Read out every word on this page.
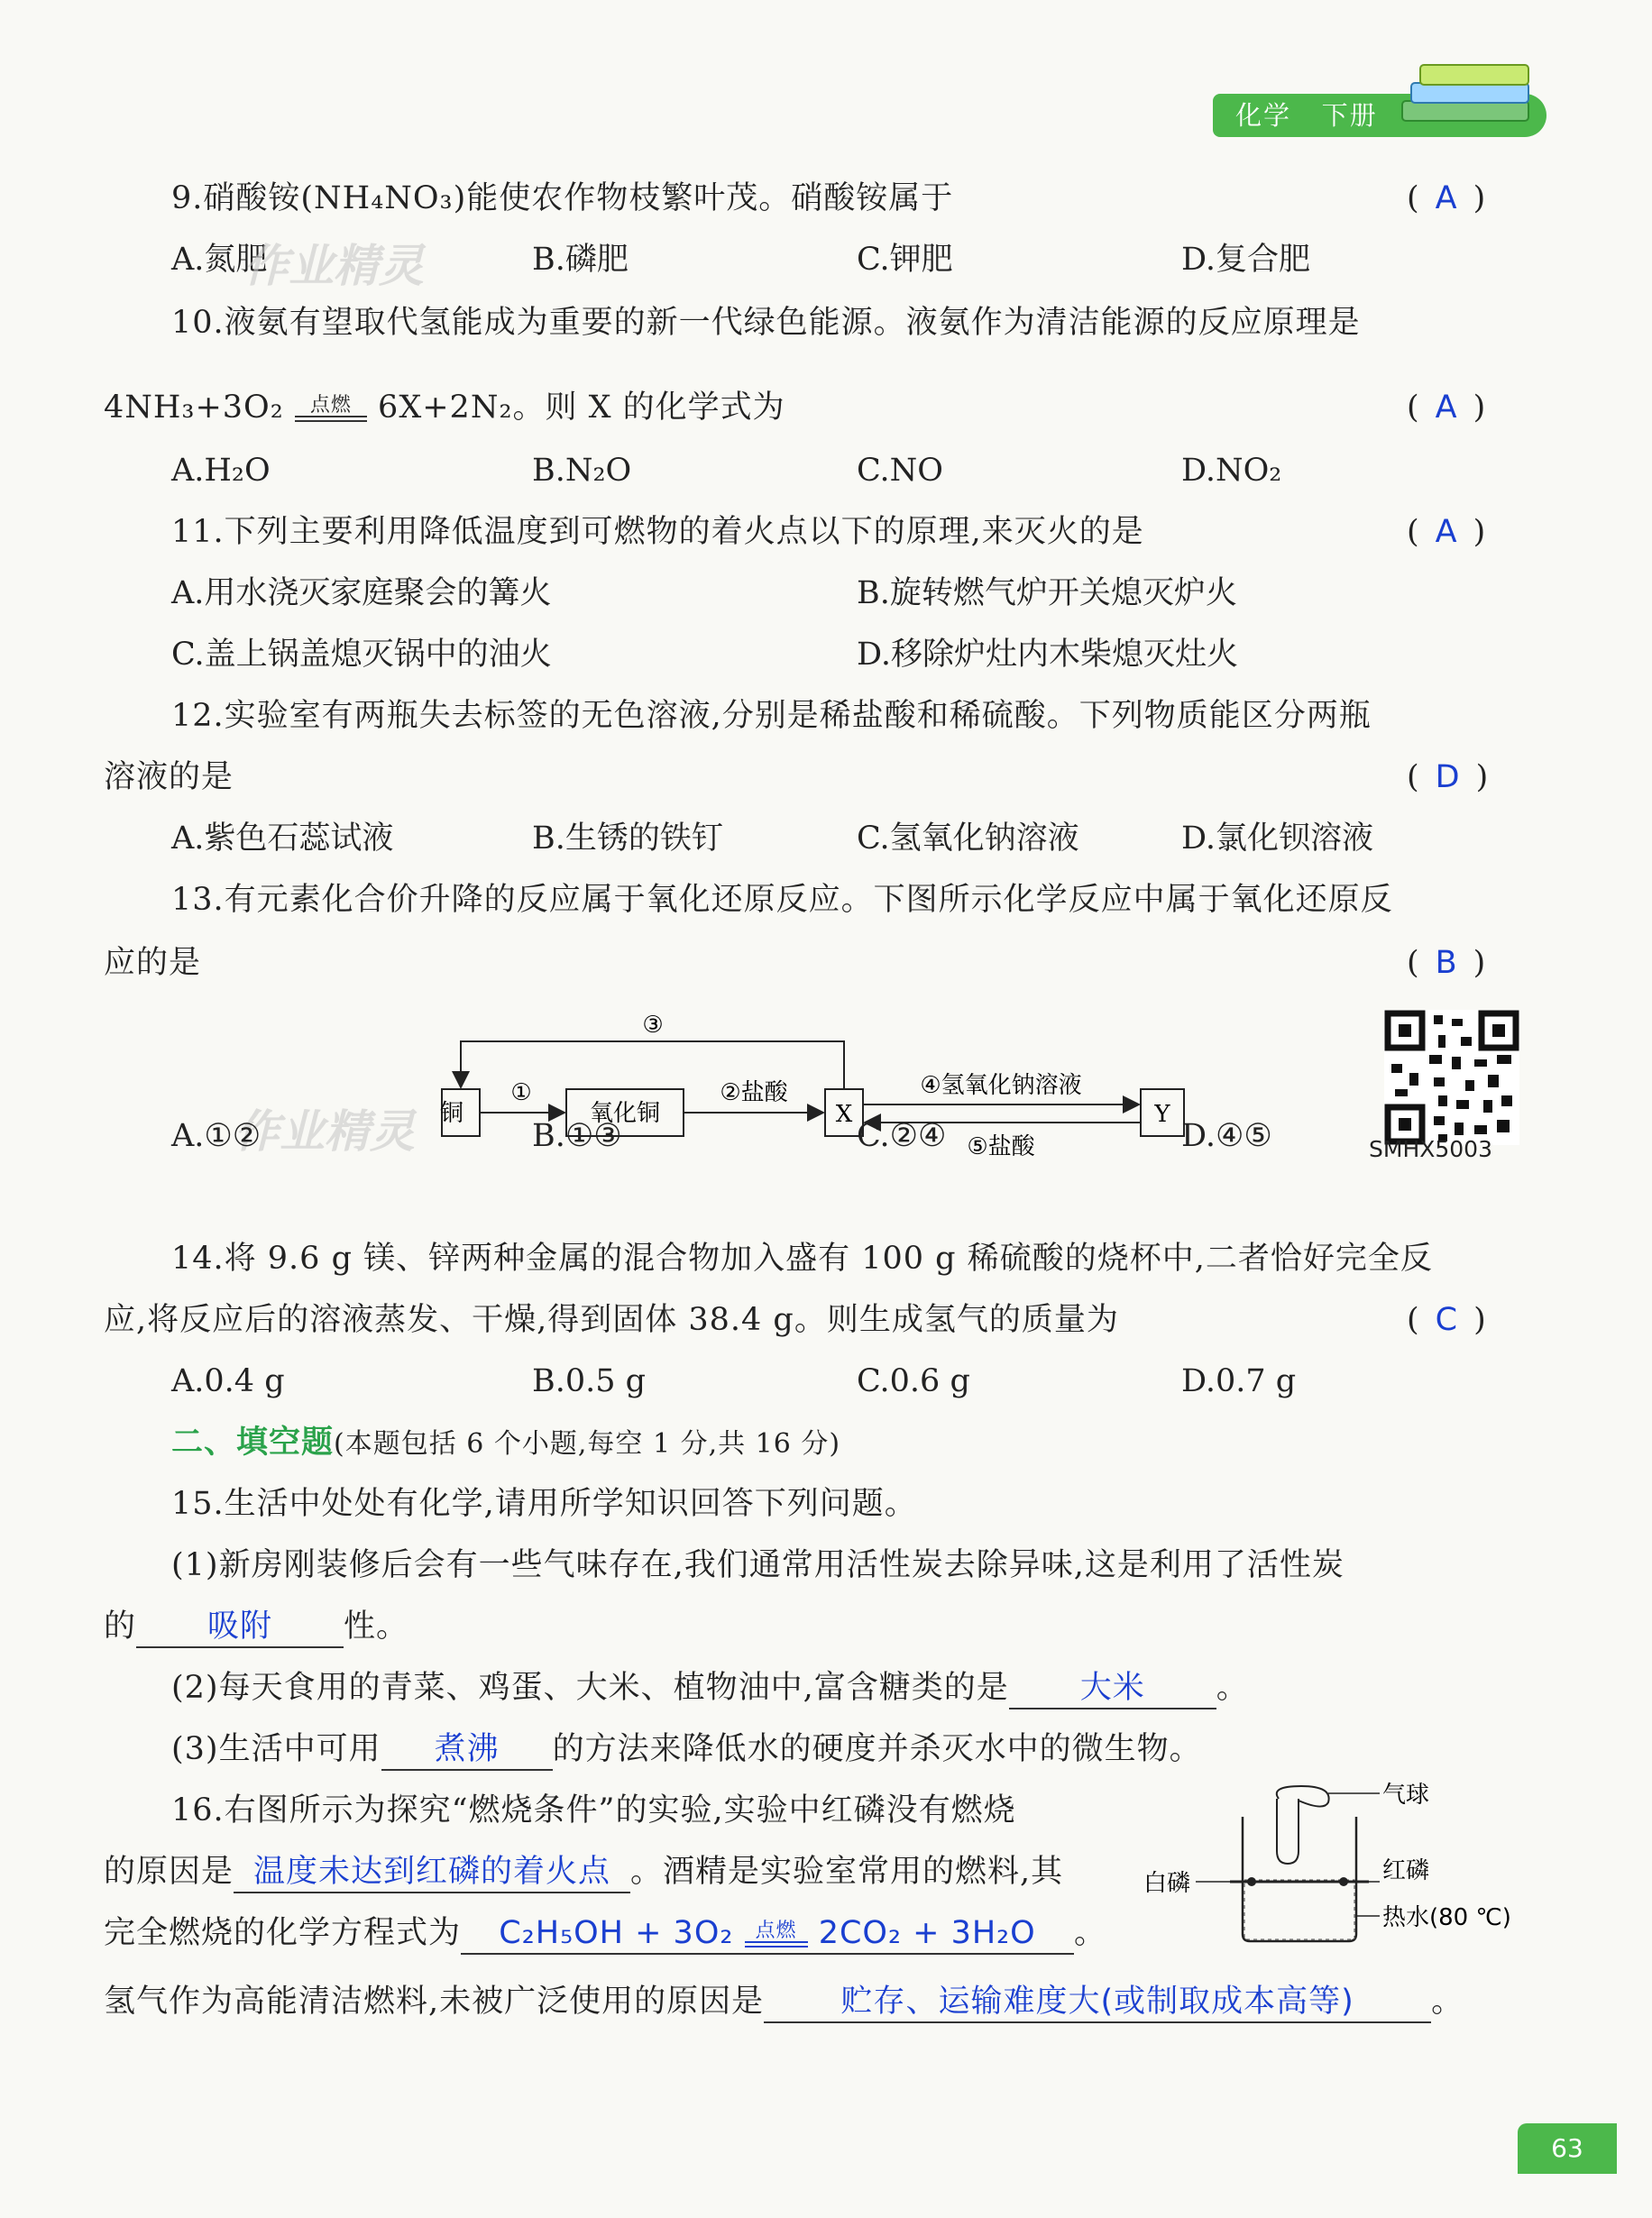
化学 下册
9.硝酸铵(NH₄NO₃)能使农作物枝繁叶茂。硝酸铵属于	( A )
A.氮肥	B.磷肥	C.钾肥	D.复合肥
作业精灵
10.液氨有望取代氢能成为重要的新一代绿色能源。液氨作为清洁能源的反应原理是
4NH₃+3O₂	点燃 6X+2N₂。则 X 的化学式为	( A )
A.H₂O	B.N₂O	C.NO	D.NO₂
11.下列主要利用降低温度到可燃物的着火点以下的原理,来灭火的是	( A )
A.用水浇灭家庭聚会的篝火	B.旋转燃气炉开关熄灭炉火
C.盖上锅盖熄灭锅中的油火	D.移除炉灶内木柴熄灭灶火
12.实验室有两瓶失去标签的无色溶液,分别是稀盐酸和稀硫酸。下列物质能区分两瓶
溶液的是	( D )
A.紫色石蕊试液	B.生锈的铁钉	C.氢氧化钠溶液	D.氯化钡溶液
13.有元素化合价升降的反应属于氧化还原反应。下图所示化学反应中属于氧化还原反
应的是	( B )
铜	氧化铜	X	Y
①	②盐酸
③
④氢氧化钠溶液
⑤盐酸
作业精灵	SMHX5003
A.①②	B.①③	C.②④	D.④⑤
14.将 9.6 g 镁、锌两种金属的混合物加入盛有 100 g 稀硫酸的烧杯中,二者恰好完全反
应,将反应后的溶液蒸发、干燥,得到固体 38.4 g。则生成氢气的质量为	( C )
A.0.4 g	B.0.5 g	C.0.6 g	D.0.7 g
二、填空题(本题包括 6 个小题,每空 1 分,共 16 分)
15.生活中处处有化学,请用所学知识回答下列问题。
(1)新房刚装修后会有一些气味存在,我们通常用活性炭去除异味,这是利用了活性炭
的 吸附 性。
(2)每天食用的青菜、鸡蛋、大米、植物油中,富含糖类的是 大米 。
(3)生活中可用 煮沸 的方法来降低水的硬度并杀灭水中的微生物。
16.右图所示为探究“燃烧条件”的实验,实验中红磷没有燃烧
的原因是 温度未达到红磷的着火点 。酒精是实验室常用的燃料,其
完全燃烧的化学方程式为 C₂H₅OH + 3O₂	点燃 2CO₂ + 3H₂O 。
氢气作为高能清洁燃料,未被广泛使用的原因是 贮存、运输难度大(或制取成本高等) 。
气球
白磷	红磷
热水(80 ℃)
63
